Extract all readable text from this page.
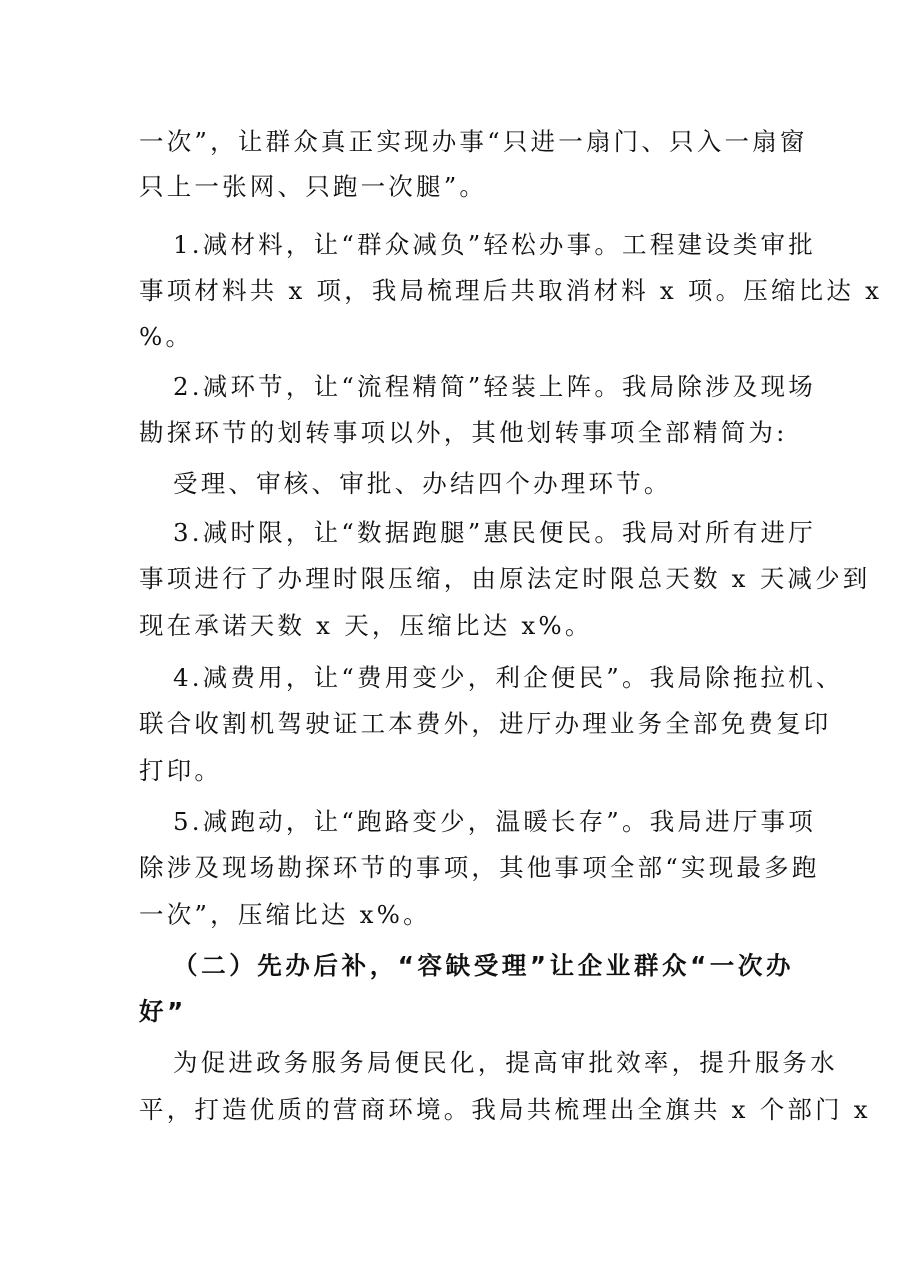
一次”，让群众真正实现办事“只进一扇门、只入一扇窗
只上一张网、只跑一次腿”。
1.减材料，让“群众减负”轻松办事。工程建设类审批
事项材料共 x 项，我局梳理后共取消材料 x 项。压缩比达 x
%。
2.减环节，让“流程精简”轻装上阵。我局除涉及现场
勘探环节的划转事项以外，其他划转事项全部精简为:
受理、审核、审批、办结四个办理环节。
3.减时限，让“数据跑腿”惠民便民。我局对所有进厅
事项进行了办理时限压缩，由原法定时限总天数 x 天减少到
现在承诺天数 x 天，压缩比达 x%。
4.减费用，让“费用变少，利企便民”。我局除拖拉机、
联合收割机驾驶证工本费外，进厅办理业务全部免费复印
打印。
5.减跑动，让“跑路变少，温暖长存”。我局进厅事项
除涉及现场勘探环节的事项，其他事项全部“实现最多跑
一次”，压缩比达 x%。
（二）先办后补，“容缺受理”让企业群众“一次办
好”
为促进政务服务局便民化，提高审批效率，提升服务水
平，打造优质的营商环境。我局共梳理出全旗共 x 个部门 x
